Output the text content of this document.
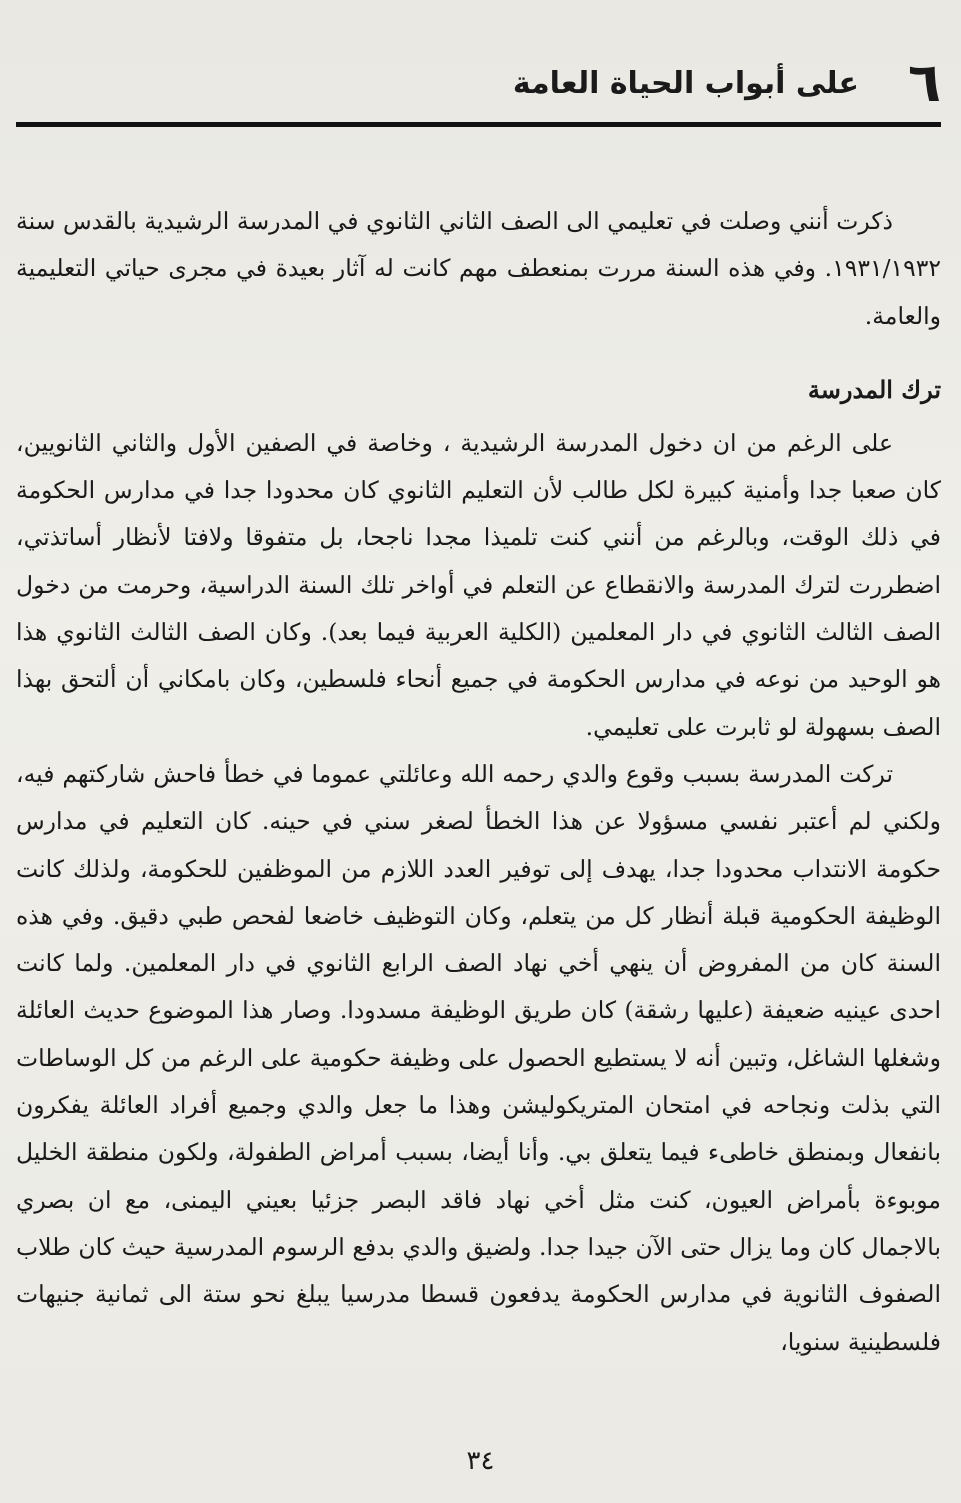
٦
على أبواب الحياة العامة

ذكرت أنني وصلت في تعليمي الى الصف الثاني الثانوي في المدرسة الرشيدية بالقدس سنة ١٩٣١/١٩٣٢. وفي هذه السنة مررت بمنعطف مهم كانت له آثار بعيدة في مجرى حياتي التعليمية والعامة.

ترك المدرسة

على الرغم من ان دخول المدرسة الرشيدية ، وخاصة في الصفين الأول والثاني الثانويين، كان صعبا جدا وأمنية كبيرة لكل طالب لأن التعليم الثانوي كان محدودا جدا في مدارس الحكومة في ذلك الوقت، وبالرغم من أنني كنت تلميذا مجدا ناجحا، بل متفوقا ولافتا لأنظار أساتذتي، اضطررت لترك المدرسة والانقطاع عن التعلم في أواخر تلك السنة الدراسية، وحرمت من دخول الصف الثالث الثانوي في دار المعلمين (الكلية العربية فيما بعد). وكان الصف الثالث الثانوي هذا هو الوحيد من نوعه في مدارس الحكومة في جميع أنحاء فلسطين، وكان بامكاني أن ألتحق بهذا الصف بسهولة لو ثابرت على تعليمي.

تركت المدرسة بسبب وقوع والدي رحمه الله وعائلتي عموما في خطأ فاحش شاركتهم فيه، ولكني لم أعتبر نفسي مسؤولا عن هذا الخطأ لصغر سني في حينه. كان التعليم في مدارس حكومة الانتداب محدودا جدا، يهدف إلى توفير العدد اللازم من الموظفين للحكومة، ولذلك كانت الوظيفة الحكومية قبلة أنظار كل من يتعلم، وكان التوظيف خاضعا لفحص طبي دقيق. وفي هذه السنة كان من المفروض أن ينهي أخي نهاد الصف الرابع الثانوي في دار المعلمين. ولما كانت احدى عينيه ضعيفة (عليها رشقة) كان طريق الوظيفة مسدودا. وصار هذا الموضوع حديث العائلة وشغلها الشاغل، وتبين أنه لا يستطيع الحصول على وظيفة حكومية على الرغم من كل الوساطات التي بذلت ونجاحه في امتحان المتريكوليشن وهذا ما جعل والدي وجميع أفراد العائلة يفكرون بانفعال وبمنطق خاطىء فيما يتعلق بي. وأنا أيضا، بسبب أمراض الطفولة، ولكون منطقة الخليل موبوءة بأمراض العيون، كنت مثل أخي نهاد فاقد البصر جزئيا بعيني اليمنى، مع ان بصري بالاجمال كان وما يزال حتى الآن جيدا جدا. ولضيق والدي بدفع الرسوم المدرسية حيث كان طلاب الصفوف الثانوية في مدارس الحكومة يدفعون قسطا مدرسيا يبلغ نحو ستة الى ثمانية جنيهات فلسطينية سنويا،

٣٤
